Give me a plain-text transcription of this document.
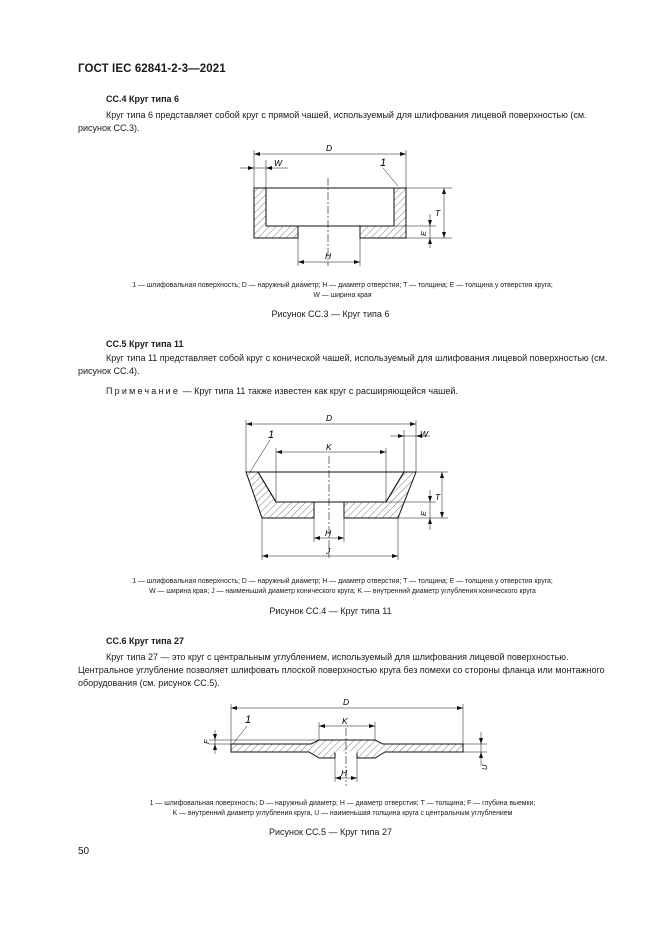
ГОСТ IEC 62841-2-3—2021
CC.4 Круг типа 6
Круг типа 6 представляет собой круг с прямой чашей, используемый для шлифования лицевой поверхностью (см. рисунок CC.3).
D
W	1
T
E
H
1 — шлифовальная поверхность; D — наружный диаметр; H — диаметр отверстия; T — толщина; E — толщина у отверстия круга;
W — ширина края
Рисунок CC.3 — Круг типа 6
CC.5 Круг типа 11
Круг типа 11 представляет собой круг с конической чашей, используемый для шлифования лицевой поверхностью (см. рисунок CC.4).
Примечание — Круг типа 11 также известен как круг с расширяющейся чашей.
D
W
1
K
T
E
H
J
1 — шлифовальная поверхность; D — наружный диаметр; H — диаметр отверстия; T — толщина; E — толщина у отверстия круга;
W — ширина края; J — наименьший диаметр конического круга; K — внутренний диаметр углубления конического круга
Рисунок CC.4 — Круг типа 11
CC.6 Круг типа 27
Круг типа 27 — это круг с центральным углублением, используемый для шлифования лицевой поверхностью. Центральное углубление позволяет шлифовать плоской поверхностью круга без помехи со стороны фланца или монтажного оборудования (см. рисунок CC.5).
D
1	K
F
U
H
1 — шлифовальная поверхность; D — наружный диаметр; H — диаметр отверстия; T — толщина; F — глубина выемки;
K — внутренний диаметр углубления круга, U — наименьшая толщина круга с центральным углублением
Рисунок CC.5 — Круг типа 27
50
